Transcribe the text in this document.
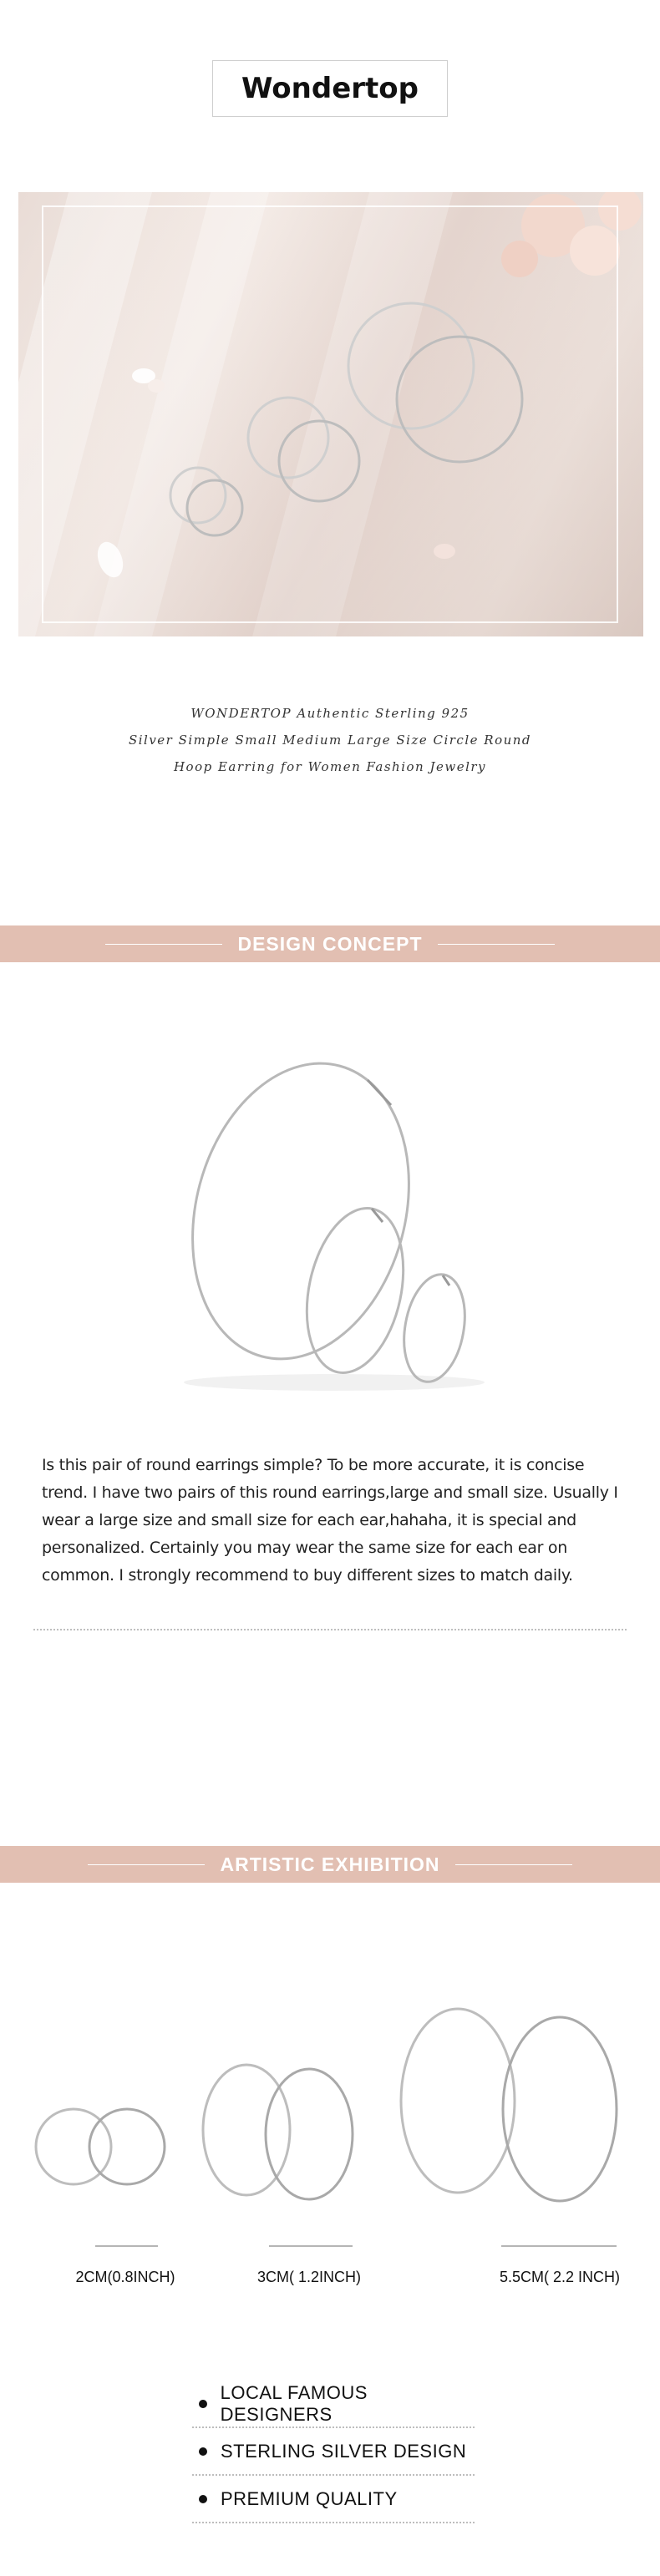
Wondertop
WONDERTOP Authentic Sterling 925
Silver Simple Small Medium Large Size Circle Round
Hoop Earring for Women Fashion Jewelry
DESIGN CONCEPT
Is this pair of round earrings simple? To be more accurate, it is concise trend. I have two pairs of this round earrings,large and small size. Usually I wear a large size and small size for each ear,hahaha, it is special and personalized. Certainly you may wear the same size for each ear on common. I strongly recommend to buy different sizes to match daily.
ARTISTIC EXHIBITION
2CM(0.8INCH)	3CM( 1.2INCH)	5.5CM( 2.2 INCH)
LOCAL FAMOUS DESIGNERS
STERLING SILVER DESIGN
PREMIUM QUALITY
